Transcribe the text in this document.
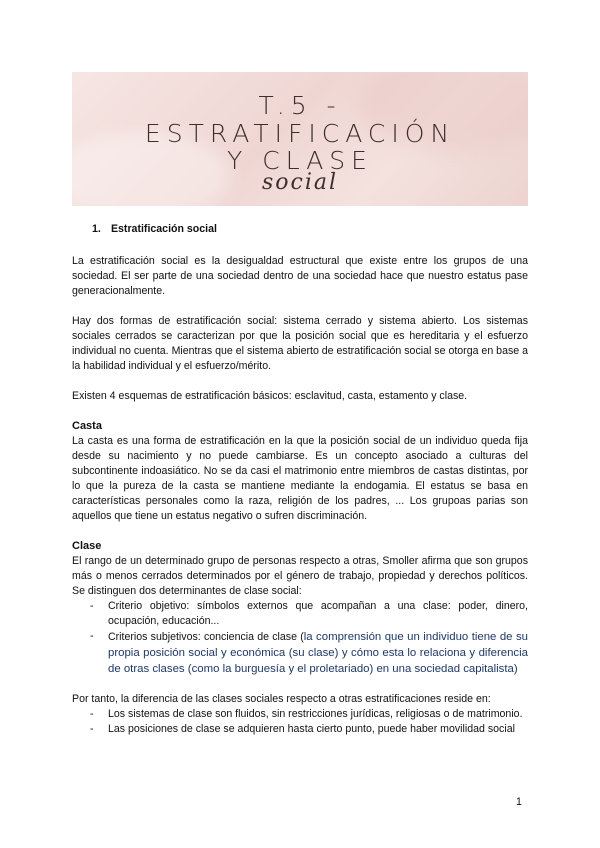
T.5 -
ESTRATIFICACIÓN
Y CLASE
social
1. Estratificación social

La estratificación social es la desigualdad estructural que existe entre los grupos de una sociedad. El ser parte de una sociedad dentro de una sociedad hace que nuestro estatus pase generacionalmente.

Hay dos formas de estratificación social: sistema cerrado y sistema abierto. Los sistemas sociales cerrados se caracterizan por que la posición social que es hereditaria y el esfuerzo individual no cuenta. Mientras que el sistema abierto de estratificación social se otorga en base a la habilidad individual y el esfuerzo/mérito.

Existen 4 esquemas de estratificación básicos: esclavitud, casta, estamento y clase.

Casta

La casta es una forma de estratificación en la que la posición social de un individuo queda fija desde su nacimiento y no puede cambiarse. Es un concepto asociado a culturas del subcontinente indoasiático. No se da casi el matrimonio entre miembros de castas distintas, por lo que la pureza de la casta se mantiene mediante la endogamia. El estatus se basa en características personales como la raza, religión de los padres, ... Los grupoas parias son aquellos que tiene un estatus negativo o sufren discriminación.

Clase

El rango de un determinado grupo de personas respecto a otras, Smoller afirma que son grupos más o menos cerrados determinados por el género de trabajo, propiedad y derechos políticos. Se distinguen dos determinantes de clase social:

- Criterio objetivo: símbolos externos que acompañan a una clase: poder, dinero, ocupación, educación...
- Criterios subjetivos: conciencia de clase (la comprensión que un individuo tiene de su propia posición social y económica (su clase) y cómo esta lo relaciona y diferencia de otras clases (como la burguesía y el proletariado) en una sociedad capitalista)

Por tanto, la diferencia de las clases sociales respecto a otras estratificaciones reside en:

- Los sistemas de clase son fluidos, sin restricciones jurídicas, religiosas o de matrimonio.
- Las posiciones de clase se adquieren hasta cierto punto, puede haber movilidad social
1
